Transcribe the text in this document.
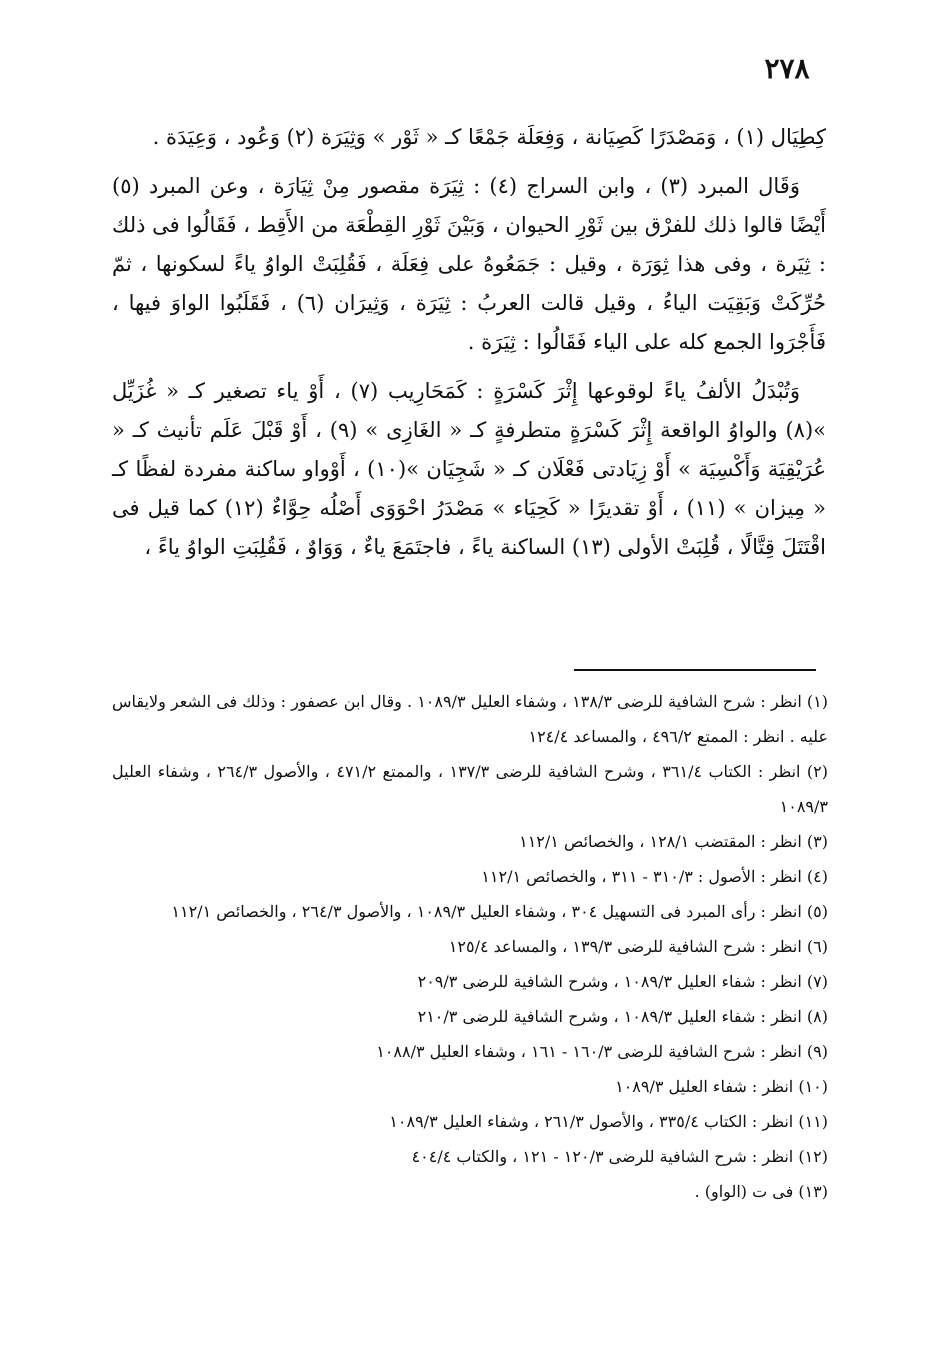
٢٧٨

كِطِيَال (١) ، وَمَصْدَرًا كَصِيَانة ، وَفِعَلَة جَمْعًا كـ « ثَوْر » وَثِيَرَة (٢) وَعُود ، وَعِيَدَة .

وَقَال المبرد (٣) ، وابن السراج (٤) : ثِيَرَة مقصور مِنْ ثِيَارَة ، وعن المبرد (٥) أَيْضًا قالوا ذلك للفرْق بين ثَوْرِ الحيوان ، وَبَيْنَ ثَوْرِ القِطْعَة من الأَقِط ، فَقَالُوا فى ذلك : ثِيَرة ، وفى هذا ثِوَرَة ، وقيل : جَمَعُوهُ على فِعَلَة ، فَقُلِبَتْ الواوُ ياءً لسكونها ، ثمّ حُرِّكَتْ وَبَقِيَت الياءُ ، وقيل قالت العربُ : ثِيَرَة ، وَثِيرَان (٦) ، فَقَلَبُوا الواوَ فيها ، فَأَجْرَوا الجمع كله على الياء فَقَالُوا : ثِيَرَة .

وَتُبْدَلُ الألفُ ياءً لوقوعها إِثْرَ كَسْرَةٍ : كَمَحَارِيب (٧) ، أَوْ ياء تصغير كـ « غُزَيِّل »(٨) والواوُ الواقعة إِثْرَ كَسْرَةٍ متطرفةٍ كـ « الغَازِى » (٩) ، أَوْ قَبْلَ عَلَم تأنيث كـ « عُرَيْقِيَة وَأَكْسِيَة » أَوْ زِيَادتى فَعْلَان كـ « شَجِيَان »(١٠) ، أَوْواو ساكنة مفردة لفظًا كـ « مِيزان » (١١) ، أَوْ تقديرًا « كَحِيَاء » مَصْدَرُ احْوَوَى أَصْلُه حِوَّاءٌ (١٢) كما قيل فى اقْتَتَلَ قِتَّالًا ، قُلِبَتْ الأولى (١٣) الساكنة ياءً ، فاجتَمَعَ ياءٌ ، وَوَاوٌ ، فَقُلِبَتِ الواوُ ياءً ،

(١) انظر : شرح الشافية للرضى ١٣٨/٣ ، وشفاء العليل ١٠٨٩/٣ . وقال ابن عصفور : وذلك فى الشعر ولايقاس عليه . انظر : الممتع ٤٩٦/٢ ، والمساعد ١٢٤/٤

(٢) انظر : الكتاب ٣٦١/٤ ، وشرح الشافية للرضى ١٣٧/٣ ، والممتع ٤٧١/٢ ، والأصول ٢٦٤/٣ ، وشفاء العليل ١٠٨٩/٣

(٣) انظر : المقتضب ١٢٨/١ ، والخصائص ١١٢/١

(٤) انظر : الأصول : ٣١٠/٣ - ٣١١ ، والخصائص ١١٢/١

(٥) انظر : رأى المبرد فى التسهيل ٣٠٤ ، وشفاء العليل ١٠٨٩/٣ ، والأصول ٢٦٤/٣ ، والخصائص ١١٢/١

(٦) انظر : شرح الشافية للرضى ١٣٩/٣ ، والمساعد ١٢٥/٤

(٧) انظر : شفاء العليل ١٠٨٩/٣ ، وشرح الشافية للرضى ٢٠٩/٣

(٨) انظر : شفاء العليل ١٠٨٩/٣ ، وشرح الشافية للرضى ٢١٠/٣

(٩) انظر : شرح الشافية للرضى ١٦٠/٣ - ١٦١ ، وشفاء العليل ١٠٨٨/٣

(١٠) انظر : شفاء العليل ١٠٨٩/٣

(١١) انظر : الكتاب ٣٣٥/٤ ، والأصول ٢٦١/٣ ، وشفاء العليل ١٠٨٩/٣

(١٢) انظر : شرح الشافية للرضى ١٢٠/٣ - ١٢١ ، والكتاب ٤٠٤/٤

(١٣) فى ت (الواو) .
